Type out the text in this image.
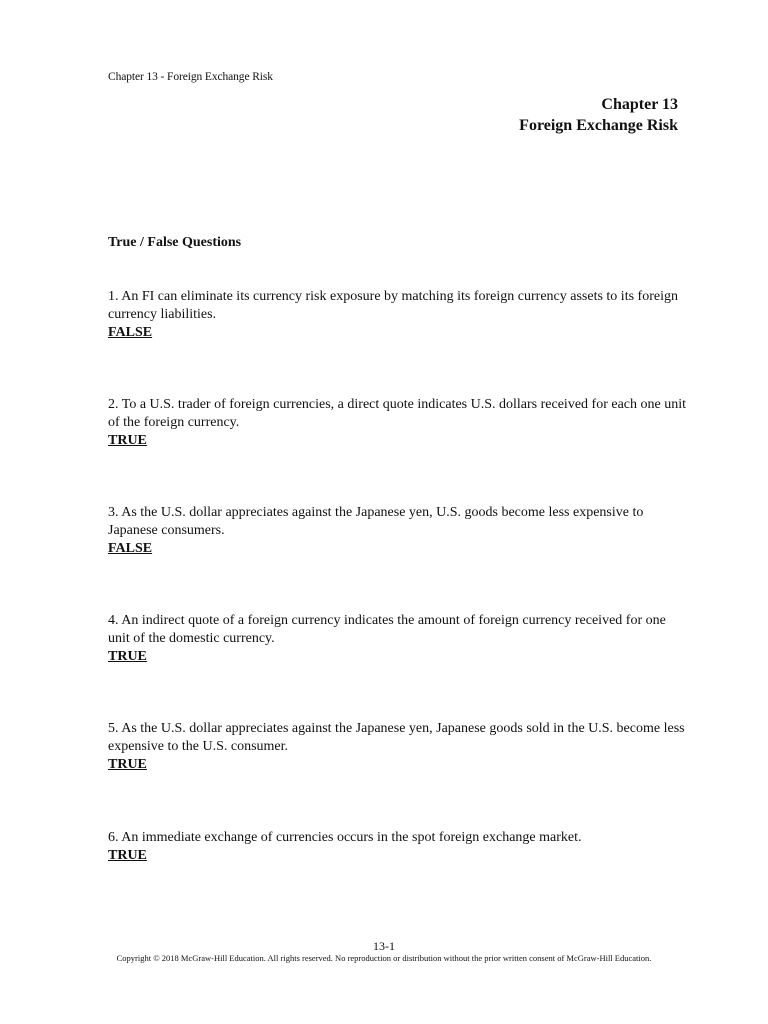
Chapter 13 - Foreign Exchange Risk
Chapter 13
Foreign Exchange Risk
True / False Questions
1. An FI can eliminate its currency risk exposure by matching its foreign currency assets to its foreign currency liabilities.
FALSE
2. To a U.S. trader of foreign currencies, a direct quote indicates U.S. dollars received for each one unit of the foreign currency.
TRUE
3. As the U.S. dollar appreciates against the Japanese yen, U.S. goods become less expensive to Japanese consumers.
FALSE
4. An indirect quote of a foreign currency indicates the amount of foreign currency received for one unit of the domestic currency.
TRUE
5. As the U.S. dollar appreciates against the Japanese yen, Japanese goods sold in the U.S. become less expensive to the U.S. consumer.
TRUE
6. An immediate exchange of currencies occurs in the spot foreign exchange market.
TRUE
13-1
Copyright © 2018 McGraw-Hill Education. All rights reserved. No reproduction or distribution without the prior written consent of McGraw-Hill Education.
